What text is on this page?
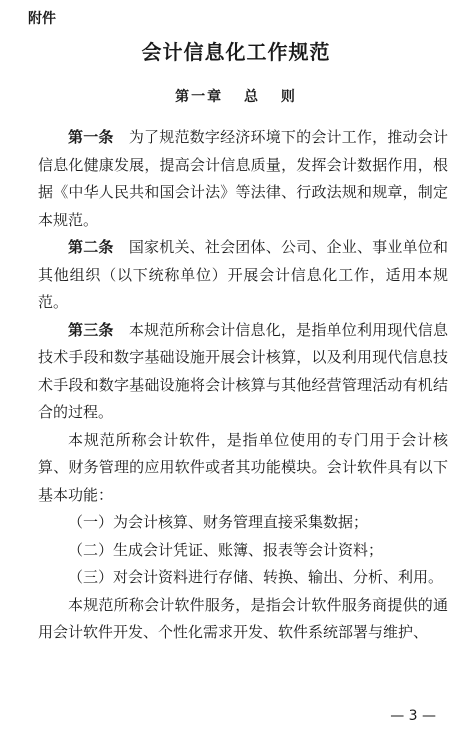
附件
会计信息化工作规范
第一章 总 则

第一条 为了规范数字经济环境下的会计工作，推动会计信息化健康发展，提高会计信息质量，发挥会计数据作用，根据《中华人民共和国会计法》等法律、行政法规和规章，制定本规范。

第二条 国家机关、社会团体、公司、企业、事业单位和其他组织（以下统称单位）开展会计信息化工作，适用本规范。

第三条 本规范所称会计信息化，是指单位利用现代信息技术手段和数字基础设施开展会计核算，以及利用现代信息技术手段和数字基础设施将会计核算与其他经营管理活动有机结合的过程。

本规范所称会计软件，是指单位使用的专门用于会计核算、财务管理的应用软件或者其功能模块。会计软件具有以下基本功能：

（一）为会计核算、财务管理直接采集数据；

（二）生成会计凭证、账簿、报表等会计资料；

（三）对会计资料进行存储、转换、输出、分析、利用。

本规范所称会计软件服务，是指会计软件服务商提供的通用会计软件开发、个性化需求开发、软件系统部署与维护、

— 3 —
